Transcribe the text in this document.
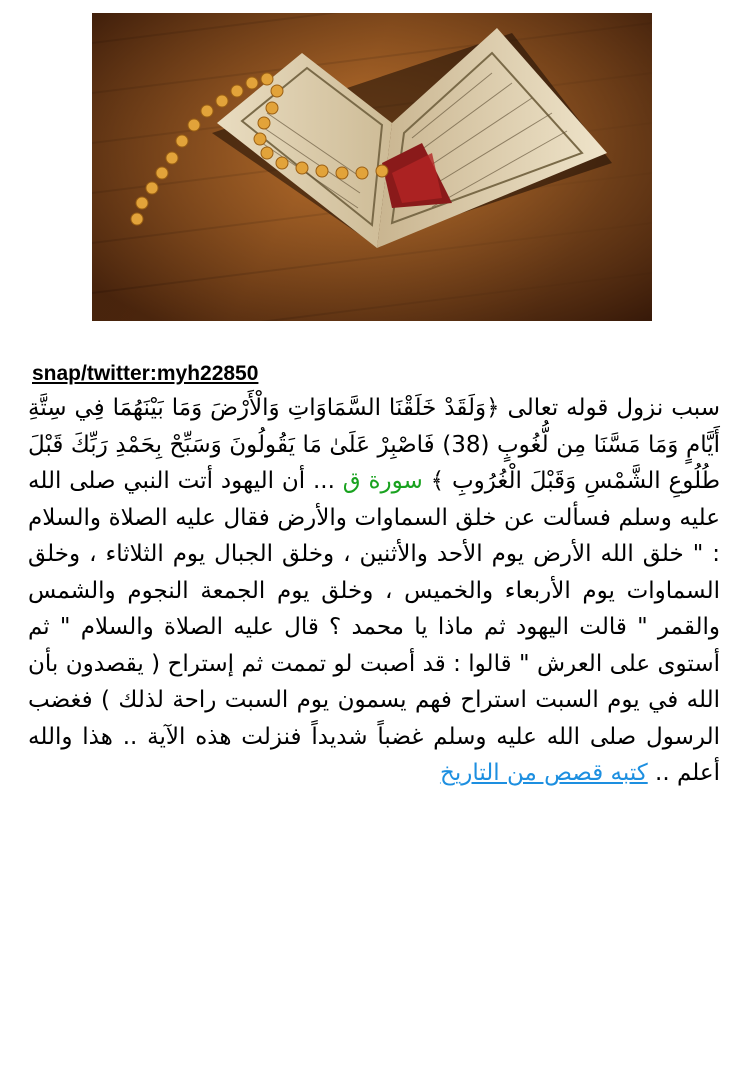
snap/twitter:myh22850
سبب نزول قوله تعالى ﴿وَلَقَدْ خَلَقْنَا السَّمَاوَاتِ وَالْأَرْضَ وَمَا بَيْنَهُمَا فِي سِتَّةِ أَيَّامٍ وَمَا مَسَّنَا مِن لُّغُوبٍ (38) فَاصْبِرْ عَلَىٰ مَا يَقُولُونَ وَسَبِّحْ بِحَمْدِ رَبِّكَ قَبْلَ طُلُوعِ الشَّمْسِ وَقَبْلَ الْغُرُوبِ ﴾ سورة ق ... أن اليهود أتت النبي صلى الله عليه وسلم فسألت عن خلق السماوات والأرض فقال عليه الصلاة والسلام : " خلق الله الأرض يوم الأحد والأثنين ، وخلق الجبال يوم الثلاثاء ، وخلق السماوات يوم الأربعاء والخميس ، وخلق يوم الجمعة النجوم والشمس والقمر " قالت اليهود ثم ماذا يا محمد ؟ قال عليه الصلاة والسلام " ثم أستوى على العرش " قالوا : قد أصبت لو تممت ثم إستراح ( يقصدون بأن الله في يوم السبت استراح فهم يسمون يوم السبت راحة لذلك ) فغضب الرسول صلى الله عليه وسلم غضباً شديداً فنزلت هذه الآية .. هذا والله أعلم .. كتبه قصص من التاريخ
